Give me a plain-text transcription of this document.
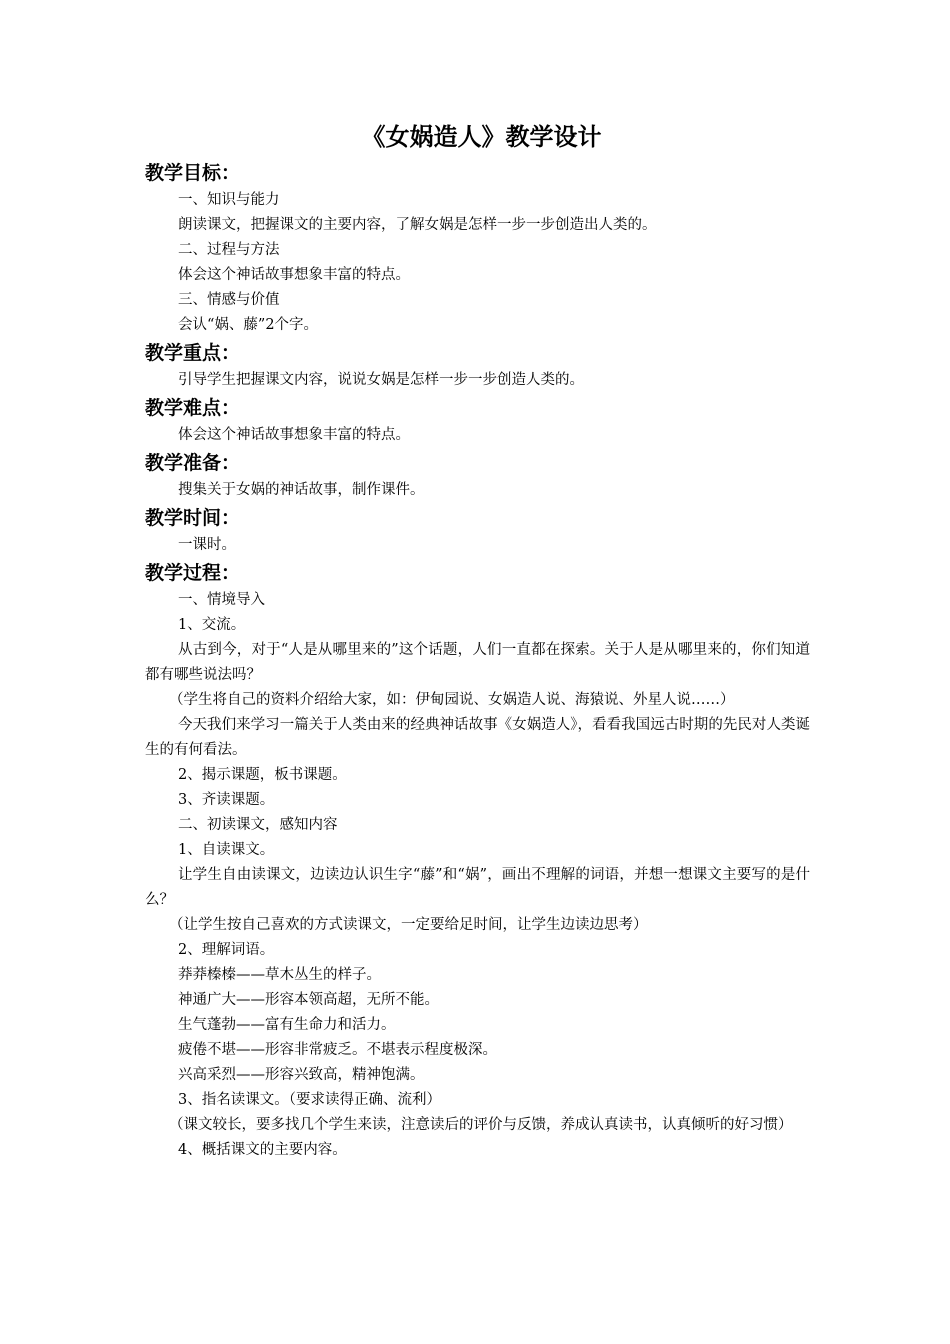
《女娲造人》教学设计
教学目标：

一、知识与能力

朗读课文，把握课文的主要内容，了解女娲是怎样一步一步创造出人类的。

二、过程与方法

体会这个神话故事想象丰富的特点。

三、情感与价值

会认“娲、藤”2个字。

教学重点：

引导学生把握课文内容，说说女娲是怎样一步一步创造人类的。

教学难点：

体会这个神话故事想象丰富的特点。

教学准备：

搜集关于女娲的神话故事，制作课件。

教学时间：

一课时。

教学过程：

一、情境导入

1、交流。

从古到今，对于“人是从哪里来的”这个话题，人们一直都在探索。关于人是从哪里来的，你们知道都有哪些说法吗？

（学生将自己的资料介绍给大家，如：伊甸园说、女娲造人说、海猿说、外星人说……）

今天我们来学习一篇关于人类由来的经典神话故事《女娲造人》，看看我国远古时期的先民对人类诞生的有何看法。

2、揭示课题，板书课题。

3、齐读课题。

二、初读课文，感知内容

1、自读课文。

让学生自由读课文，边读边认识生字“藤”和“娲”，画出不理解的词语，并想一想课文主要写的是什么？

（让学生按自己喜欢的方式读课文，一定要给足时间，让学生边读边思考）

2、理解词语。

莽莽榛榛——草木丛生的样子。

神通广大——形容本领高超，无所不能。

生气蓬勃——富有生命力和活力。

疲倦不堪——形容非常疲乏。不堪表示程度极深。

兴高采烈——形容兴致高，精神饱满。

3、指名读课文。（要求读得正确、流利）

（课文较长，要多找几个学生来读，注意读后的评价与反馈，养成认真读书，认真倾听的好习惯）

4、概括课文的主要内容。
